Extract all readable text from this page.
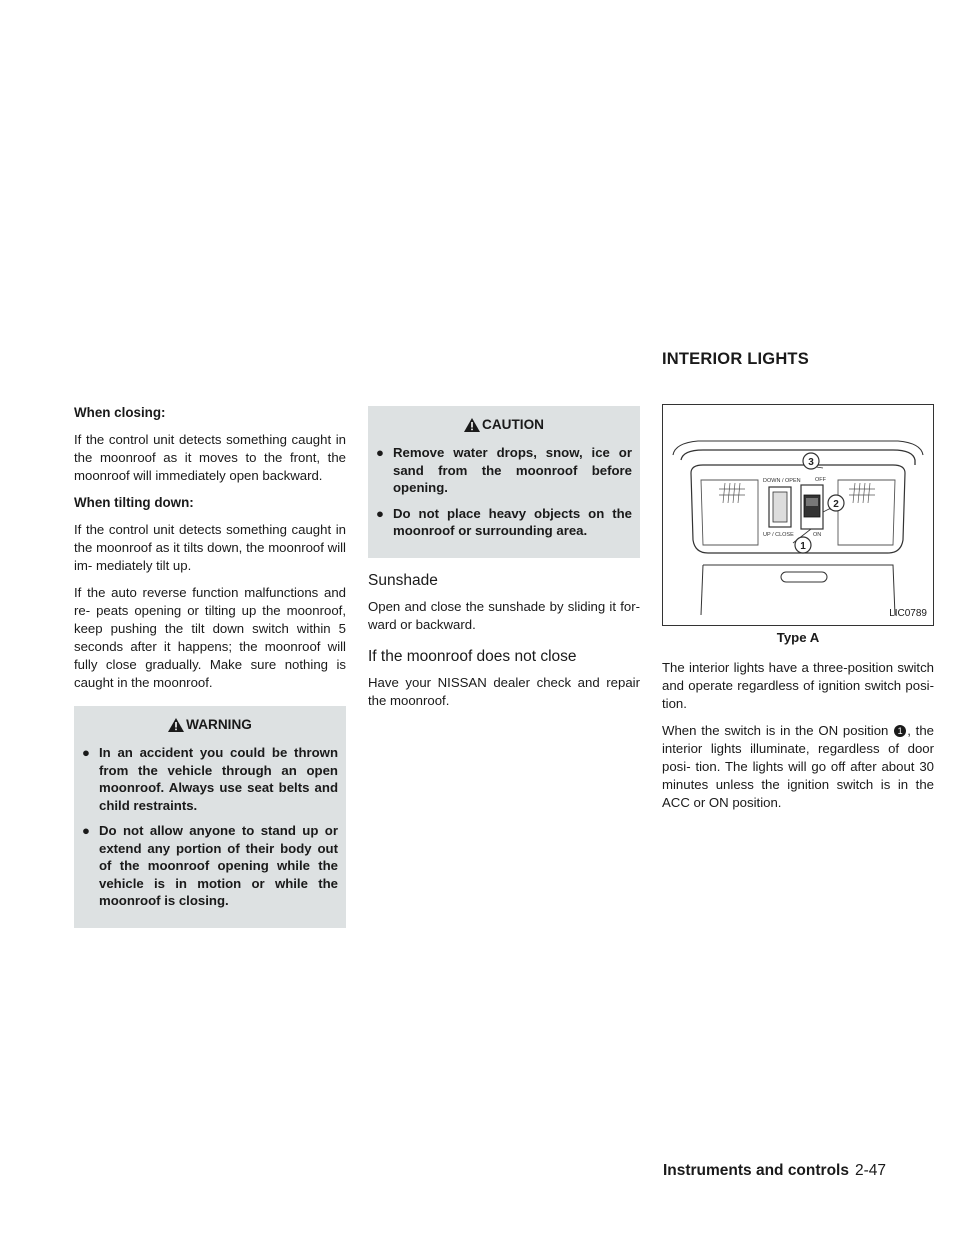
INTERIOR LIGHTS

When closing:

If the control unit detects something caught in the moonroof as it moves to the front, the moonroof will immediately open backward.

When tilting down:

If the control unit detects something caught in the moonroof as it tilts down, the moonroof will im- mediately tilt up.

If the auto reverse function malfunctions and re- peats opening or tilting up the moonroof, keep pushing the tilt down switch within 5 seconds after it happens; the moonroof will fully close gradually. Make sure nothing is caught in the moonroof.

WARNING
● In an accident you could be thrown from the vehicle through an open moonroof. Always use seat belts and child restraints.
● Do not allow anyone to stand up or extend any portion of their body out of the moonroof opening while the vehicle is in motion or while the moonroof is closing.
CAUTION
● Remove water drops, snow, ice or sand from the moonroof before opening.
● Do not place heavy objects on the moonroof or surrounding area.
Sunshade

Open and close the sunshade by sliding it for- ward or backward.

If the moonroof does not close

Have your NISSAN dealer check and repair the moonroof.

DOWN / OPEN	OFF
UP / CLOSE	ON
3
2
1
LIC0789
Type A

The interior lights have a three-position switch and operate regardless of ignition switch posi- tion.

When the switch is in the ON position 1 , the interior lights illuminate, regardless of door posi- tion. The lights will go off after about 30 minutes unless the ignition switch is in the ACC or ON position.

Instruments and controls 2-47
